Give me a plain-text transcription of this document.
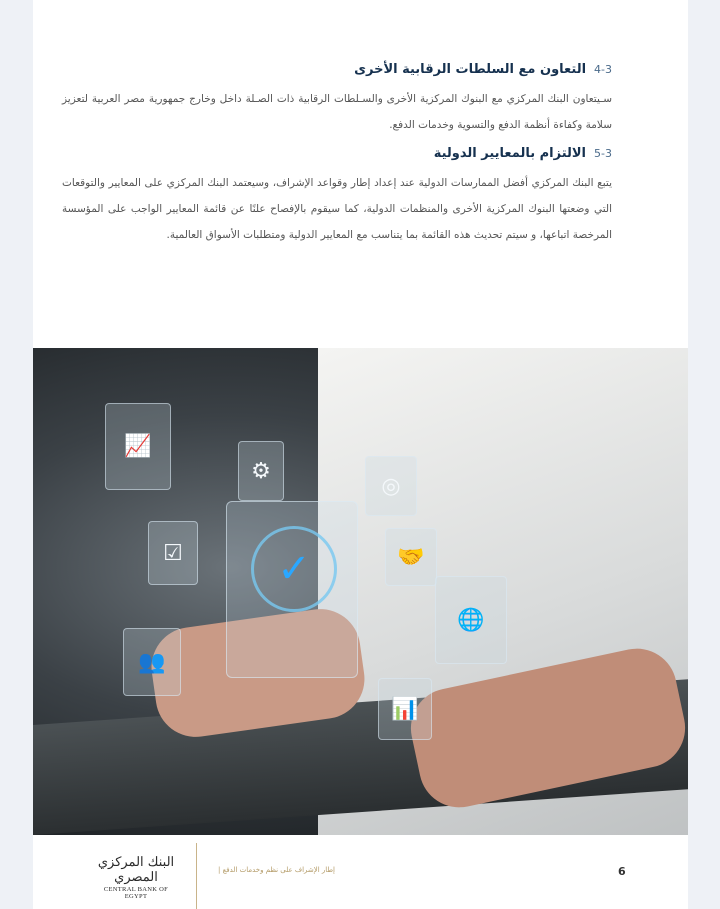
4-3
التعاون مع السلطات الرقابية الأخرى
سـيتعاون البنك المركزي مع البنوك المركزية الأخرى والسـلطات الرقابية ذات الصـلة داخل وخارج جمهورية مصر العربية لتعزيز سلامة وكفاءة أنظمة الدفع والتسوية وخدمات الدفع.
5-3
الالتزام بالمعايير الدولية
يتبع البنك المركزي أفضل الممارسات الدولية عند إعداد إطار وقواعد الإشراف، وسيعتمد البنك المركزي على المعايير والتوقعات التي وضعتها البنوك المركزية الأخرى والمنظمات الدولية، كما سيقوم بالإفصاح علنًا عن قائمة المعايير الواجب على المؤسسة المرخصة اتباعها، و سيتم تحديث هذه القائمة بما يتناسب مع المعايير الدولية ومتطلبات الأسواق العالمية.
📈
⚙
◎
☑	🤝
🌐
👥
📊
✓
البنك المركزي المصري
CENTRAL BANK OF EGYPT
إطار الإشراف على نظم وخدمات الدفع |	6
